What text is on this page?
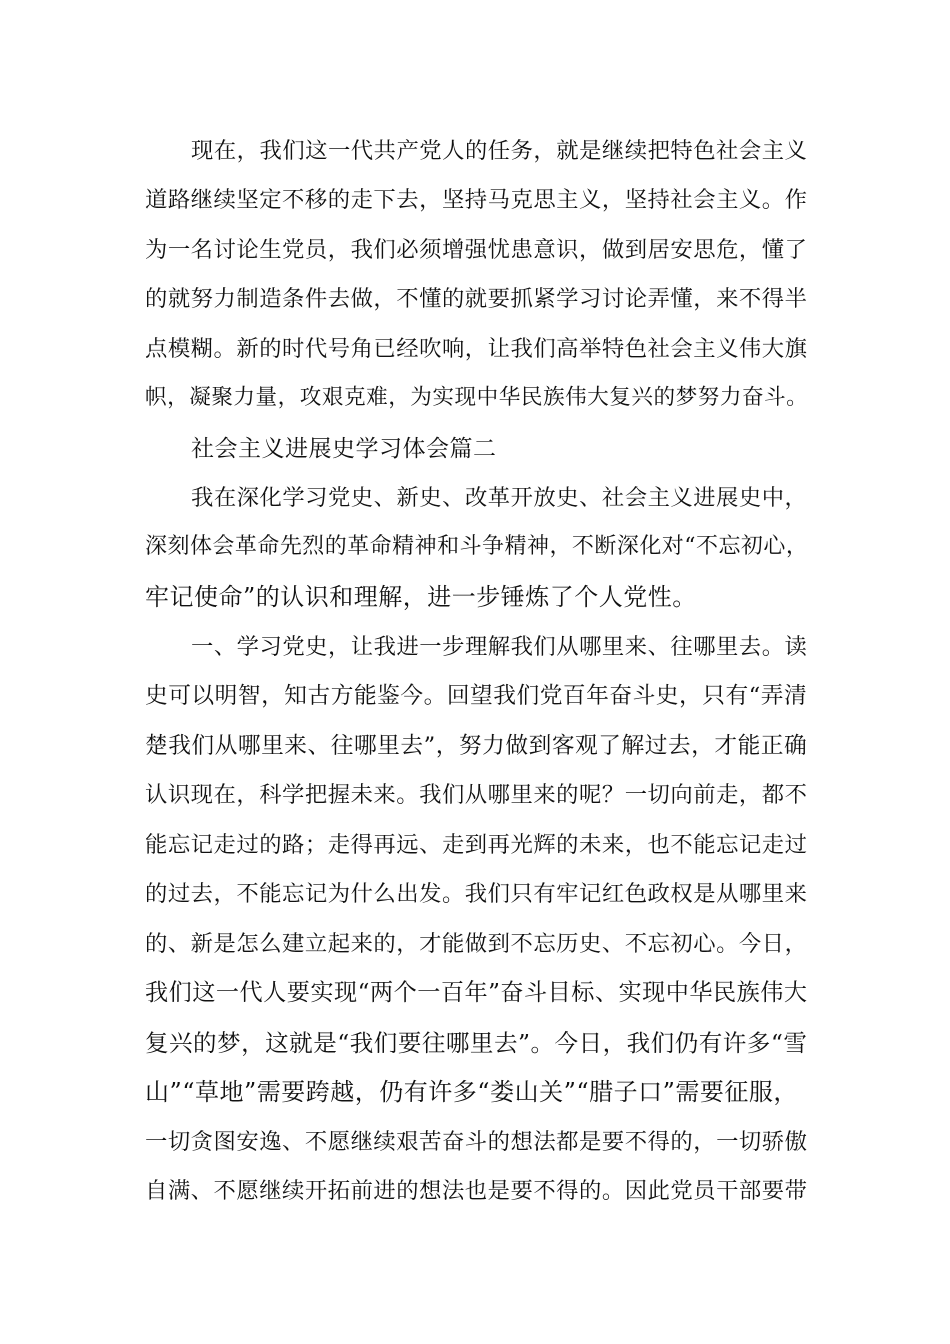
现在，我们这一代共产党人的任务，就是继续把特色社会主义
道路继续坚定不移的走下去，坚持马克思主义，坚持社会主义。作
为一名讨论生党员，我们必须增强忧患意识，做到居安思危，懂了
的就努力制造条件去做，不懂的就要抓紧学习讨论弄懂，来不得半
点模糊。新的时代号角已经吹响，让我们高举特色社会主义伟大旗
帜，凝聚力量，攻艰克难，为实现中华民族伟大复兴的梦努力奋斗。
社会主义进展史学习体会篇二
我在深化学习党史、新史、改革开放史、社会主义进展史中，
深刻体会革命先烈的革命精神和斗争精神，不断深化对“不忘初心，
牢记使命”的认识和理解，进一步锤炼了个人党性。
一、学习党史，让我进一步理解我们从哪里来、往哪里去。读
史可以明智，知古方能鉴今。回望我们党百年奋斗史，只有“弄清
楚我们从哪里来、往哪里去”，努力做到客观了解过去，才能正确
认识现在，科学把握未来。我们从哪里来的呢？一切向前走，都不
能忘记走过的路；走得再远、走到再光辉的未来，也不能忘记走过
的过去，不能忘记为什么出发。我们只有牢记红色政权是从哪里来
的、新是怎么建立起来的，才能做到不忘历史、不忘初心。今日，
我们这一代人要实现“两个一百年”奋斗目标、实现中华民族伟大
复兴的梦，这就是“我们要往哪里去”。今日，我们仍有许多“雪
山”“草地”需要跨越，仍有许多“娄山关”“腊子口”需要征服，
一切贪图安逸、不愿继续艰苦奋斗的想法都是要不得的，一切骄傲
自满、不愿继续开拓前进的想法也是要不得的。因此党员干部要带
